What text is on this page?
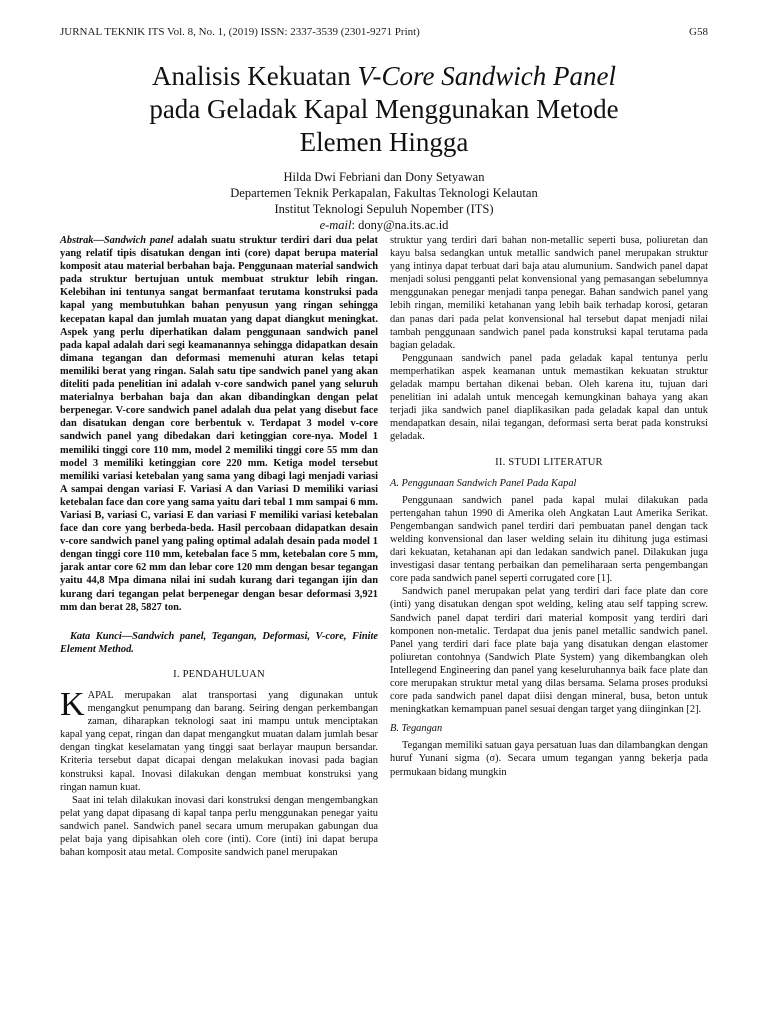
JURNAL TEKNIK ITS Vol. 8, No. 1, (2019) ISSN: 2337-3539 (2301-9271 Print)	G58
Analisis Kekuatan V-Core Sandwich Panel
pada Geladak Kapal Menggunakan Metode
Elemen Hingga
Hilda Dwi Febriani dan Dony Setyawan
Departemen Teknik Perkapalan, Fakultas Teknologi Kelautan
Institut Teknologi Sepuluh Nopember (ITS)
e-mail: dony@na.its.ac.id

Abstrak—Sandwich panel adalah suatu struktur terdiri dari dua pelat yang relatif tipis disatukan dengan inti (core) dapat berupa material komposit atau material berbahan baja. Penggunaan material sandwich pada struktur bertujuan untuk membuat struktur lebih ringan. Kelebihan ini tentunya sangat bermanfaat terutama konstruksi pada kapal yang membutuhkan bahan penyusun yang ringan sehingga kecepatan kapal dan jumlah muatan yang dapat diangkut meningkat. Aspek yang perlu diperhatikan dalam penggunaan sandwich panel pada kapal adalah dari segi keamanannya sehingga didapatkan desain dimana tegangan dan deformasi memenuhi aturan kelas tetapi memiliki berat yang ringan. Salah satu tipe sandwich panel yang akan diteliti pada penelitian ini adalah v-core sandwich panel yang seluruh materialnya berbahan baja dan akan dibandingkan dengan pelat berpenegar. V-core sandwich panel adalah dua pelat yang disebut face dan disatukan dengan core berbentuk v. Terdapat 3 model v-core sandwich panel yang dibedakan dari ketinggian core-nya. Model 1 memiliki tinggi core 110 mm, model 2 memiliki tinggi core 55 mm dan model 3 memiliki ketinggian core 220 mm. Ketiga model tersebut memiliki variasi ketebalan yang sama yang dibagi lagi menjadi variasi A sampai dengan variasi F. Variasi A dan Variasi D memiliki variasi ketebalan face dan core yang sama yaitu dari tebal 1 mm sampai 6 mm. Variasi B, variasi C, variasi E dan variasi F memiliki variasi ketebalan face dan core yang berbeda-beda. Hasil percobaan didapatkan desain v-core sandwich panel yang paling optimal adalah desain pada model 1 dengan tinggi core 110 mm, ketebalan face 5 mm, ketebalan core 5 mm, jarak antar core 62 mm dan lebar core 120 mm dengan besar tegangan yaitu 44,8 Mpa dimana nilai ini sudah kurang dari tegangan ijin dan kurang dari tegangan pelat berpenegar dengan besar deformasi 3,921 mm dan berat 28, 5827 ton.

Kata Kunci—Sandwich panel, Tegangan, Deformasi, V-core, Finite Element Method.

I. PENDAHULUAN

KAPAL merupakan alat transportasi yang digunakan untuk mengangkut penumpang dan barang. Seiring dengan perkembangan zaman, diharapkan teknologi saat ini mampu untuk menciptakan kapal yang cepat, ringan dan dapat mengangkut muatan dalam jumlah besar dengan tingkat keselamatan yang tinggi saat berlayar maupun bersandar. Kriteria tersebut dapat dicapai dengan melakukan inovasi pada bagian konstruksi kapal. Inovasi dilakukan dengan membuat konstruksi yang ringan namun kuat.

Saat ini telah dilakukan inovasi dari konstruksi dengan mengembangkan pelat yang dapat dipasang di kapal tanpa perlu menggunakan penegar yaitu sandwich panel. Sandwich panel secara umum merupakan gabungan dua pelat baja yang dipisahkan oleh core (inti). Core (inti) ini dapat berupa bahan komposit atau metal. Composite sandwich panel merupakan

struktur yang terdiri dari bahan non-metallic seperti busa, poliuretan dan kayu balsa sedangkan untuk metallic sandwich panel merupakan struktur yang intinya dapat terbuat dari baja atau alumunium. Sandwich panel dapat menjadi solusi pengganti pelat konvensional yang pemasangan sebelumnya menggunakan penegar menjadi tanpa penegar. Bahan sandwich panel yang lebih ringan, memiliki ketahanan yang lebih baik terhadap korosi, getaran dan panas dari pada pelat konvensional hal tersebut dapat menjadi nilai tambah penggunaan sandwich panel pada konstruksi kapal terutama pada bagian geladak.

Penggunaan sandwich panel pada geladak kapal tentunya perlu memperhatikan aspek keamanan untuk memastikan kekuatan struktur geladak mampu bertahan dikenai beban. Oleh karena itu, tujuan dari penelitian ini adalah untuk mencegah kemungkinan bahaya yang akan terjadi jika sandwich panel diaplikasikan pada geladak kapal dan untuk mendapatkan desain, nilai tegangan, deformasi serta berat pada konstruksi geladak.

II. STUDI LITERATUR
A. Penggunaan Sandwich Panel Pada Kapal

Penggunaan sandwich panel pada kapal mulai dilakukan pada pertengahan tahun 1990 di Amerika oleh Angkatan Laut Amerika Serikat. Pengembangan sandwich panel terdiri dari pembuatan panel dengan tack welding konvensional dan laser welding selain itu dihitung juga estimasi dari kekuatan, ketahanan api dan ledakan sandwich panel. Dilakukan juga investigasi dasar tentang perbaikan dan pemeliharaan serta pengembangan core pada sandwich panel seperti corrugated core [1].

Sandwich panel merupakan pelat yang terdiri dari face plate dan core (inti) yang disatukan dengan spot welding, keling atau self tapping screw. Sandwich panel dapat terdiri dari material komposit yang terdiri dari komponen non-metalic. Terdapat dua jenis panel metallic sandwich panel. Panel yang terdiri dari face plate baja yang disatukan dengan elastomer poliuretan contohnya (Sandwich Plate System) yang dikembangkan oleh Intellegend Engineering dan panel yang keseluruhannya baik face plate dan core merupakan struktur metal yang dilas bersama. Selama proses produksi core pada sandwich panel dapat diisi dengan mineral, busa, beton untuk meningkatkan kemampuan panel sesuai dengan target yang diinginkan [2].

B. Tegangan

Tegangan memiliki satuan gaya persatuan luas dan dilambangkan dengan huruf Yunani sigma (σ). Secara umum tegangan yanng bekerja pada permukaan bidang mungkin
